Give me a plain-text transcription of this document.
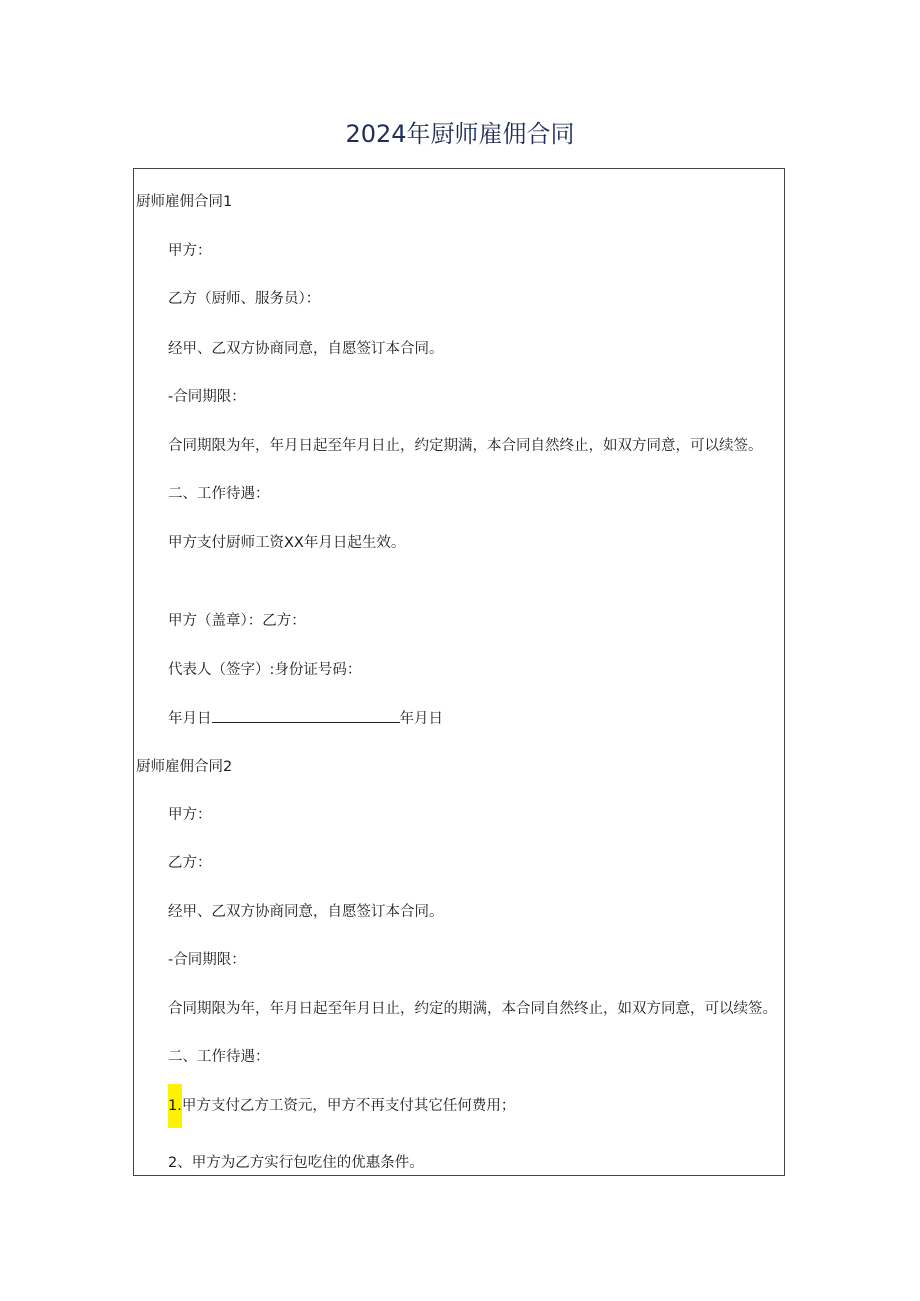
2024年厨师雇佣合同
厨师雇佣合同1
甲方：
乙方（厨师、服务员）：
经甲、乙双方协商同意，自愿签订本合同。
-合同期限：
合同期限为年，年月日起至年月日止，约定期满，本合同自然终止，如双方同意，可以续签。
二、工作待遇：
甲方支付厨师工资XX年月日起生效。
甲方（盖章）：乙方：
代表人（签字）:身份证号码：
年月日	年月日
厨师雇佣合同2
甲方：
乙方：
经甲、乙双方协商同意，自愿签订本合同。
-合同期限：
合同期限为年，年月日起至年月日止，约定的期满，本合同自然终止，如双方同意，可以续签。
二、工作待遇：
1.甲方支付乙方工资元，甲方不再支付其它任何费用；
2、甲方为乙方实行包吃住的优惠条件。
